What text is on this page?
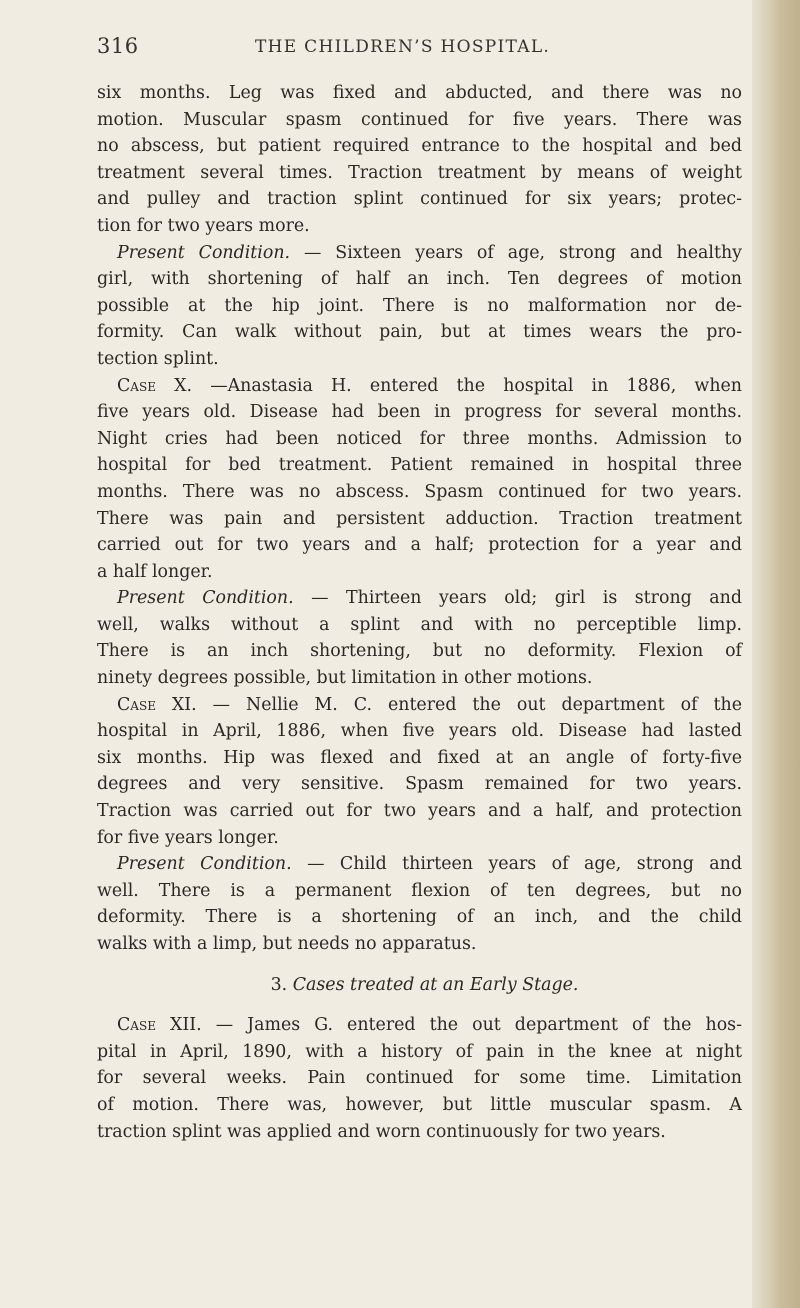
316	THE CHILDREN’S HOSPITAL.
six months. Leg was fixed and abducted, and there was no
motion. Muscular spasm continued for five years. There was
no abscess, but patient required entrance to the hospital and bed
treatment several times. Traction treatment by means of weight
and pulley and traction splint continued for six years; protec-
tion for two years more.
Present Condition. — Sixteen years of age, strong and healthy
girl, with shortening of half an inch. Ten degrees of motion
possible at the hip joint. There is no malformation nor de-
formity. Can walk without pain, but at times wears the pro-
tection splint.
Case X. —Anastasia H. entered the hospital in 1886, when
five years old. Disease had been in progress for several months.
Night cries had been noticed for three months. Admission to
hospital for bed treatment. Patient remained in hospital three
months. There was no abscess. Spasm continued for two years.
There was pain and persistent adduction. Traction treatment
carried out for two years and a half; protection for a year and
a half longer.
Present Condition. — Thirteen years old; girl is strong and
well, walks without a splint and with no perceptible limp.
There is an inch shortening, but no deformity. Flexion of
ninety degrees possible, but limitation in other motions.
Case XI. — Nellie M. C. entered the out department of the
hospital in April, 1886, when five years old. Disease had lasted
six months. Hip was flexed and fixed at an angle of forty-five
degrees and very sensitive. Spasm remained for two years.
Traction was carried out for two years and a half, and protection
for five years longer.
Present Condition. — Child thirteen years of age, strong and
well. There is a permanent flexion of ten degrees, but no
deformity. There is a shortening of an inch, and the child
walks with a limp, but needs no apparatus.
3. Cases treated at an Early Stage.
Case XII. — James G. entered the out department of the hos-
pital in April, 1890, with a history of pain in the knee at night
for several weeks. Pain continued for some time. Limitation
of motion. There was, however, but little muscular spasm. A
traction splint was applied and worn continuously for two years.
